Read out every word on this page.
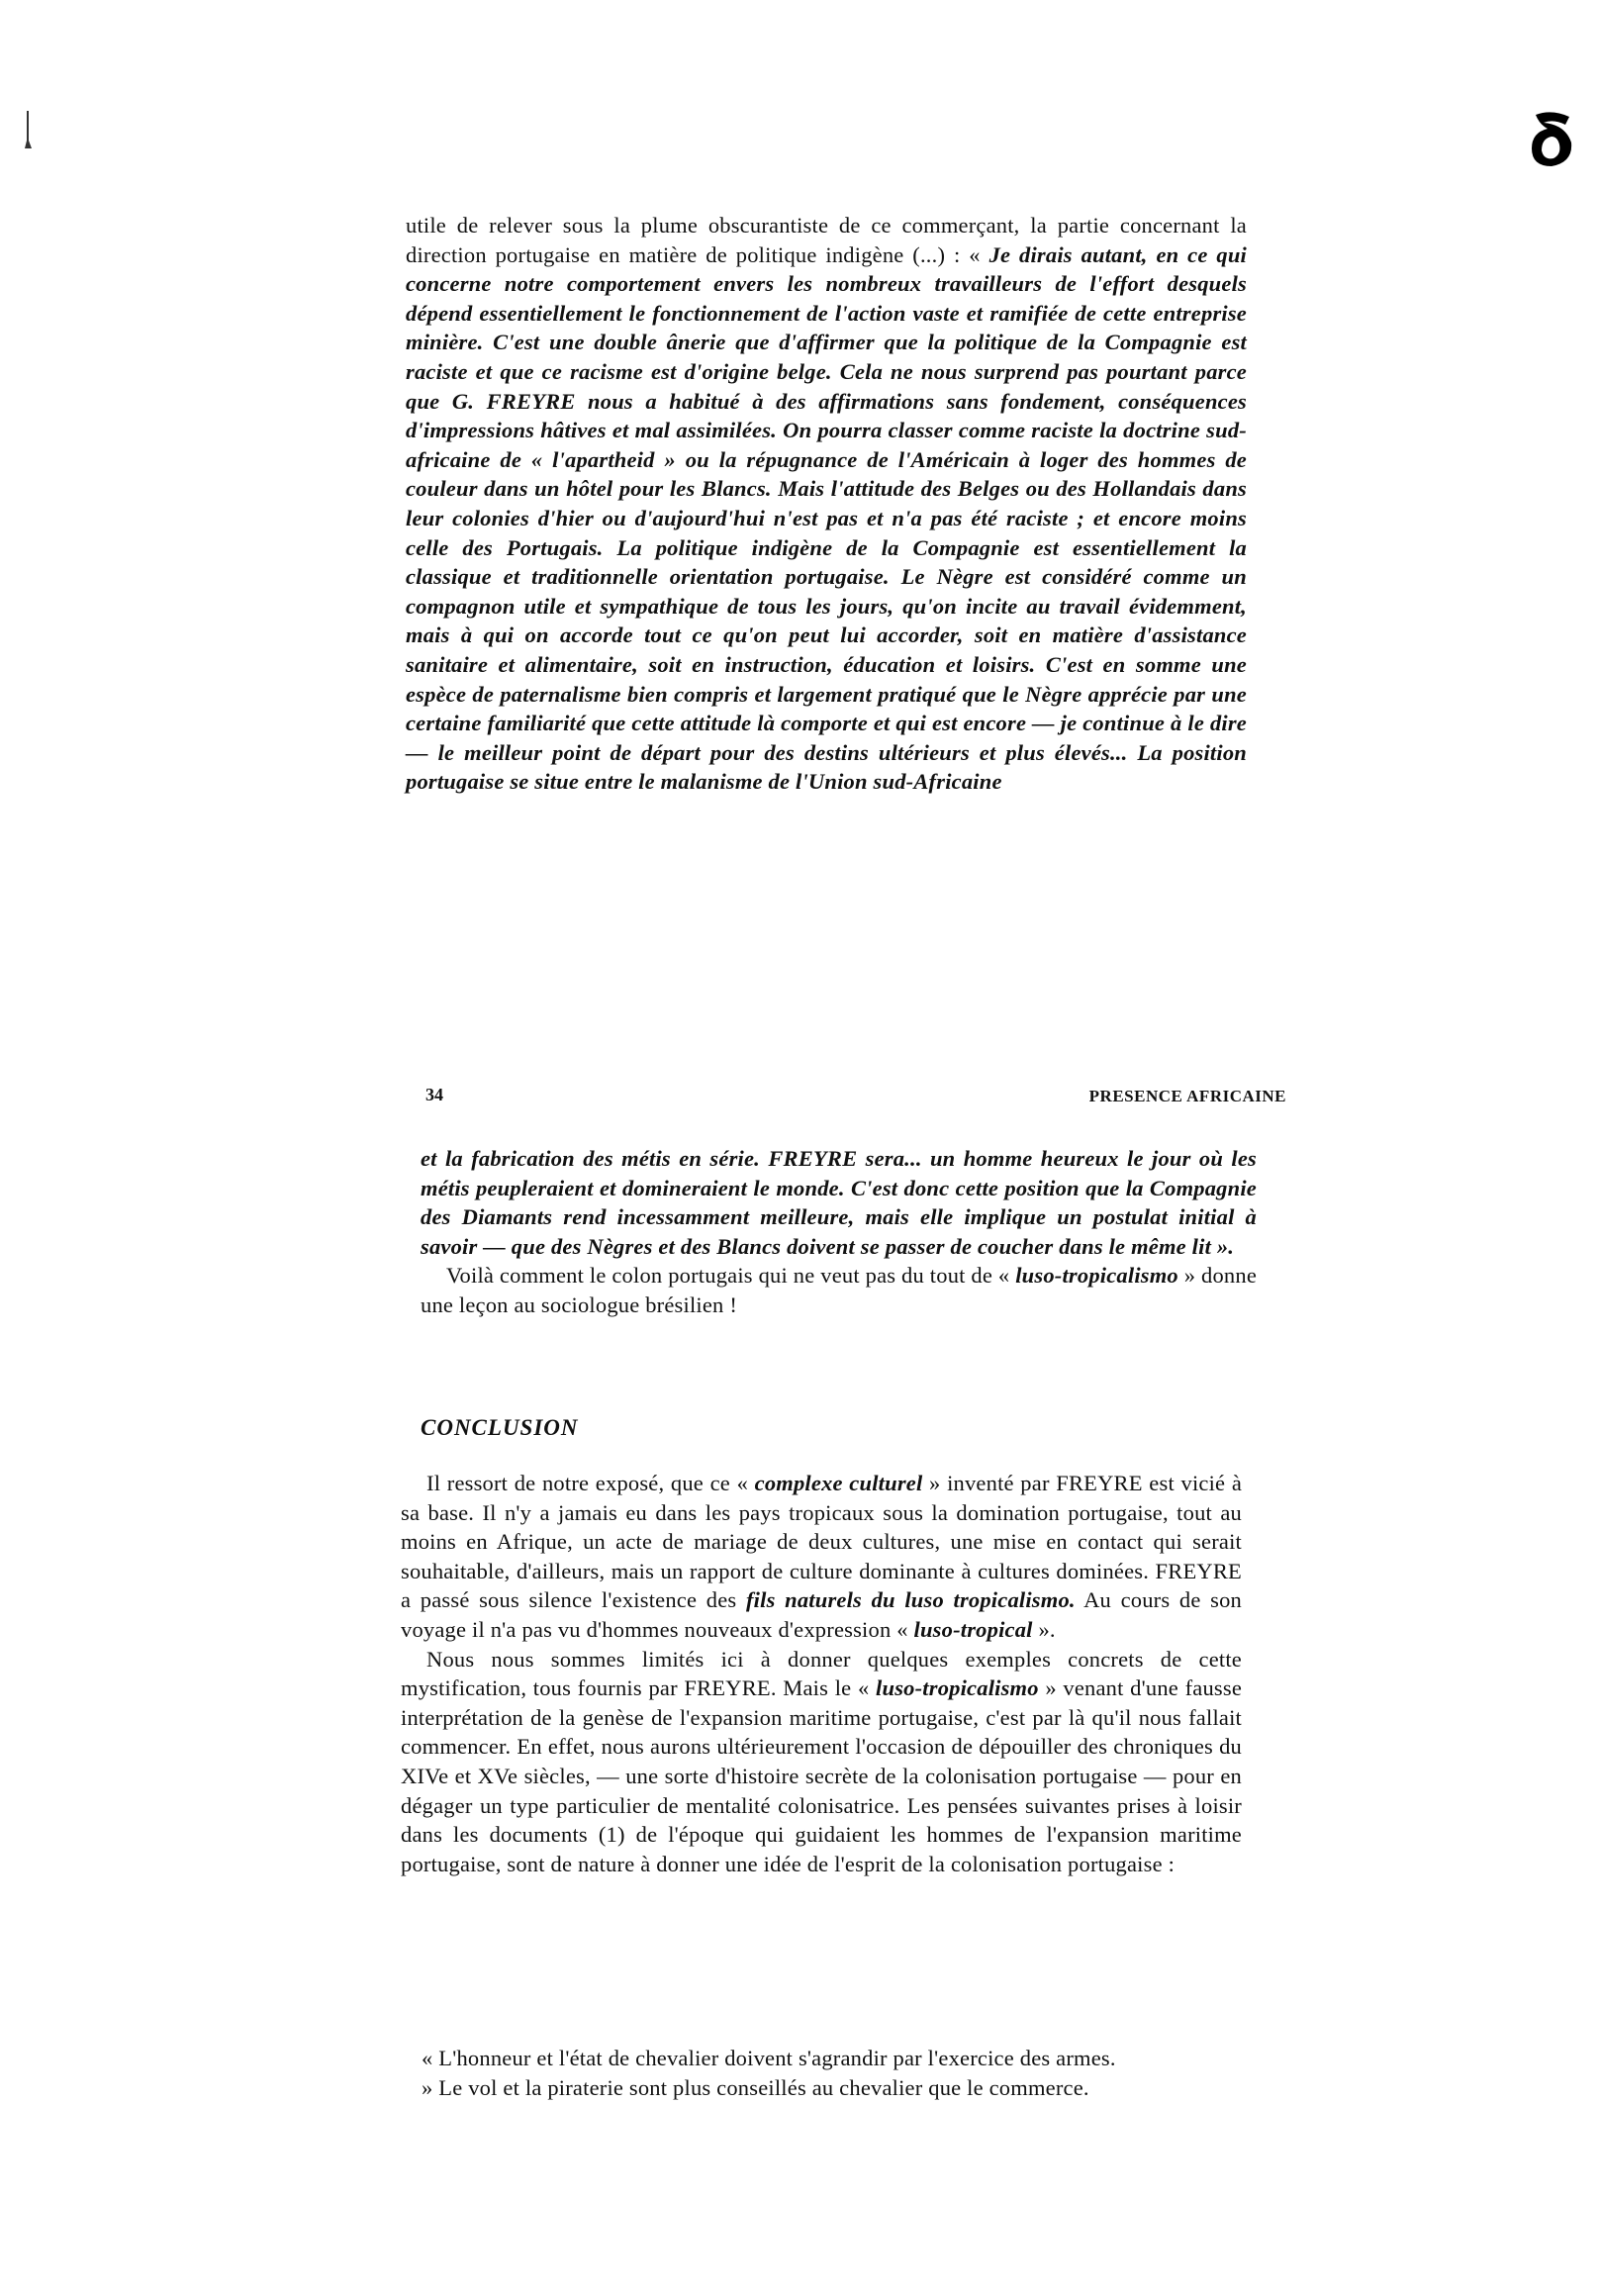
utile de relever sous la plume obscurantiste de ce commerçant, la partie concernant la direction portugaise en matière de politique indigène (...) : « Je dirais autant, en ce qui concerne notre comportement envers les nombreux travailleurs de l'effort desquels dépend essentiellement le fonctionnement de l'action vaste et ramifiée de cette entreprise minière. C'est une double ânerie que d'affirmer que la politique de la Compagnie est raciste et que ce racisme est d'origine belge. Cela ne nous surprend pas pourtant parce que G. FREYRE nous a habitué à des affirmations sans fondement, conséquences d'impressions hâtives et mal assimilées. On pourra classer comme raciste la doctrine sud-africaine de « l'apartheid » ou la répugnance de l'Américain à loger des hommes de couleur dans un hôtel pour les Blancs. Mais l'attitude des Belges ou des Hollandais dans leur colonies d'hier ou d'aujourd'hui n'est pas et n'a pas été raciste ; et encore moins celle des Portugais. La politique indigène de la Compagnie est essentiellement la classique et traditionnelle orientation portugaise. Le Nègre est considéré comme un compagnon utile et sympathique de tous les jours, qu'on incite au travail évidemment, mais à qui on accorde tout ce qu'on peut lui accorder, soit en matière d'assistance sanitaire et alimentaire, soit en instruction, éducation et loisirs. C'est en somme une espèce de paternalisme bien compris et largement pratiqué que le Nègre apprécie par une certaine familiarité que cette attitude là comporte et qui est encore — je continue à le dire — le meilleur point de départ pour des destins ultérieurs et plus élevés... La position portugaise se situe entre le malanisme de l'Union sud-Africaine
34	PRESENCE AFRICAINE

et la fabrication des métis en série. FREYRE sera... un homme heureux le jour où les métis peupleraient et domineraient le monde. C'est donc cette position que la Compagnie des Diamants rend incessamment meilleure, mais elle implique un postulat initial à savoir — que des Nègres et des Blancs doivent se passer de coucher dans le même lit ».

Voilà comment le colon portugais qui ne veut pas du tout de « luso-tropicalismo » donne une leçon au sociologue brésilien !

CONCLUSION

Il ressort de notre exposé, que ce « complexe culturel » inventé par FREYRE est vicié à sa base. Il n'y a jamais eu dans les pays tropicaux sous la domination portugaise, tout au moins en Afrique, un acte de mariage de deux cultures, une mise en contact qui serait souhaitable, d'ailleurs, mais un rapport de culture dominante à cultures dominées. FREYRE a passé sous silence l'existence des fils naturels du luso tropicalismo. Au cours de son voyage il n'a pas vu d'hommes nouveaux d'expression « luso-tropical ».

Nous nous sommes limités ici à donner quelques exemples concrets de cette mystification, tous fournis par FREYRE. Mais le « luso-tropicalismo » venant d'une fausse interprétation de la genèse de l'expansion maritime portugaise, c'est par là qu'il nous fallait commencer. En effet, nous aurons ultérieurement l'occasion de dépouiller des chroniques du XIVe et XVe siècles, — une sorte d'histoire secrète de la colonisation portugaise — pour en dégager un type particulier de mentalité colonisatrice. Les pensées suivantes prises à loisir dans les documents (1) de l'époque qui guidaient les hommes de l'expansion maritime portugaise, sont de nature à donner une idée de l'esprit de la colonisation portugaise :

« L'honneur et l'état de chevalier doivent s'agrandir par l'exercice des armes.

» Le vol et la piraterie sont plus conseillés au chevalier que le commerce.
